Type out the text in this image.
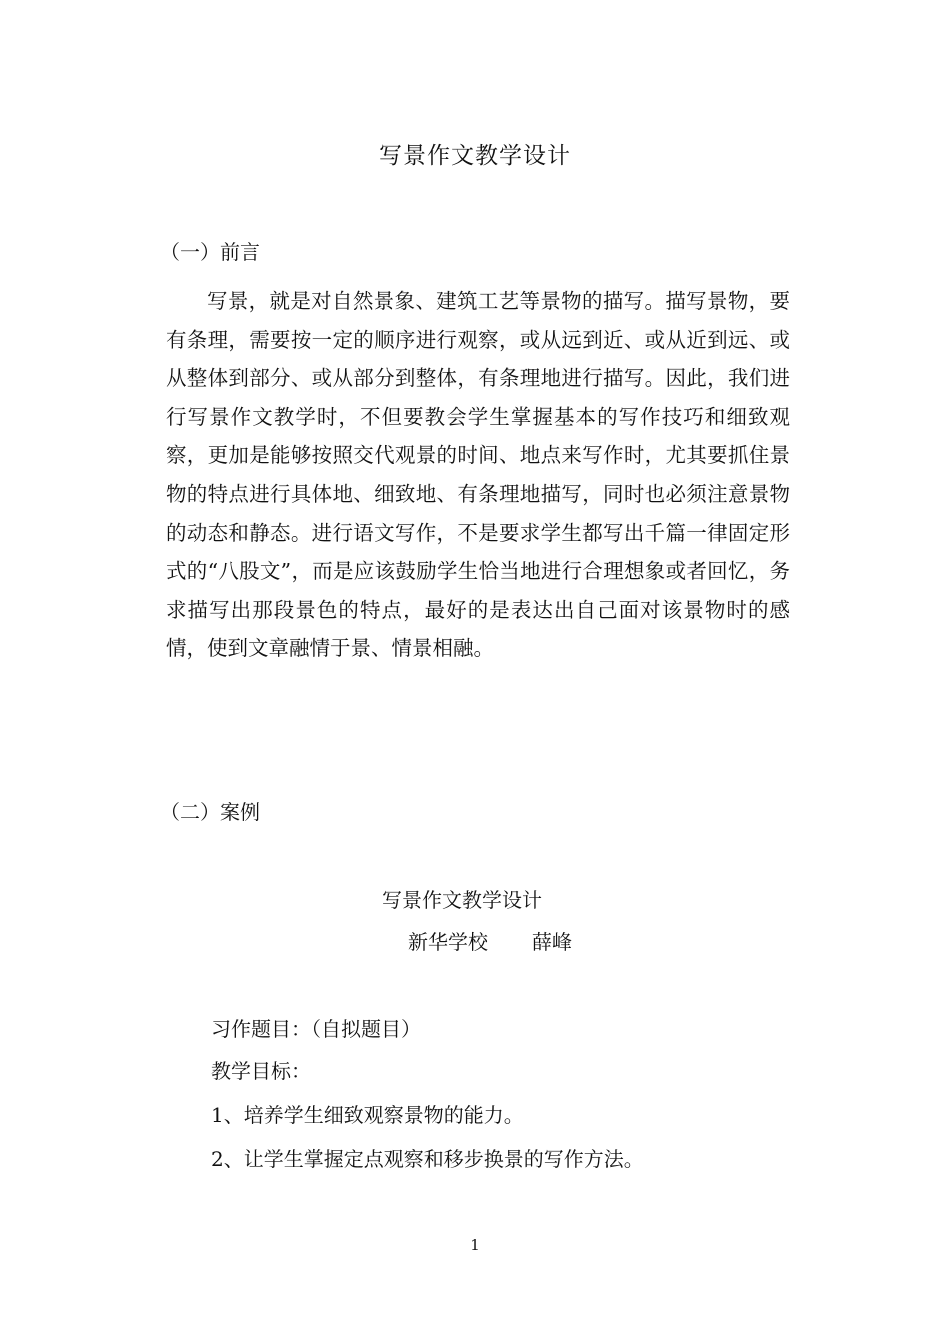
写景作文教学设计
（一）前言

写景，就是对自然景象、建筑工艺等景物的描写。描写景物，要有条理，需要按一定的顺序进行观察，或从远到近、或从近到远、或从整体到部分、或从部分到整体，有条理地进行描写。因此，我们进行写景作文教学时，不但要教会学生掌握基本的写作技巧和细致观察，更加是能够按照交代观景的时间、地点来写作时，尤其要抓住景物的特点进行具体地、细致地、有条理地描写，同时也必须注意景物的动态和静态。进行语文写作，不是要求学生都写出千篇一律固定形式的“八股文”，而是应该鼓励学生恰当地进行合理想象或者回忆，务求描写出那段景色的特点，最好的是表达出自己面对该景物时的感情，使到文章融情于景、情景相融。

（二）案例
写景作文教学设计
新华学校 薛峰

习作题目：（自拟题目）

教学目标：

1、培养学生细致观察景物的能力。

2、让学生掌握定点观察和移步换景的写作方法。

1
